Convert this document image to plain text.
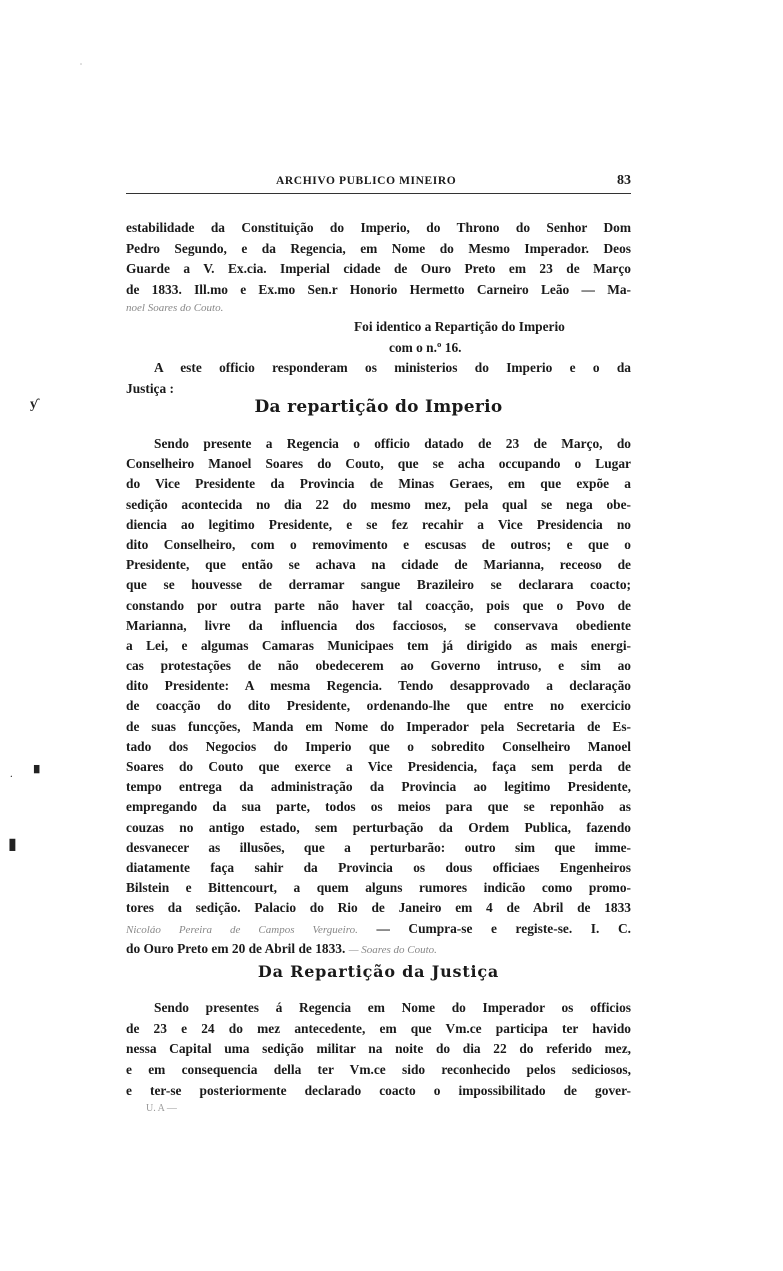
ARCHIVO PUBLICO MINEIRO	83
estabilidade da Constituição do Imperio, do Throno do Senhor Dom
Pedro Segundo, e da Regencia, em Nome do Mesmo Imperador. Deos
Guarde a V. Ex.cia. Imperial cidade de Ouro Preto em 23 de Março
de 1833. Ill.mo e Ex.mo Sen.r Honorio Hermetto Carneiro Leão — Ma-
noel Soares do Couto.
Foi identico a Repartição do Imperio
com o n.º 16.
A este officio responderam os ministerios do Imperio e o da
Justiça :
Da repartição do Imperio
Sendo presente a Regencia o officio datado de 23 de Março, do
Conselheiro Manoel Soares do Couto, que se acha occupando o Lugar
do Vice Presidente da Provincia de Minas Geraes, em que expõe a
sedição acontecida no dia 22 do mesmo mez, pela qual se nega obe-
diencia ao legitimo Presidente, e se fez recahir a Vice Presidencia no
dito Conselheiro, com o removimento e escusas de outros; e que o
Presidente, que então se achava na cidade de Marianna, receoso de
que se houvesse de derramar sangue Brazileiro se declarara coacto;
constando por outra parte não haver tal coacção, pois que o Povo de
Marianna, livre da influencia dos facciosos, se conservava obediente
a Lei, e algumas Camaras Municipaes tem já dirigido as mais energi-
cas protestações de não obedecerem ao Governo intruso, e sim ao
dito Presidente: A mesma Regencia. Tendo desapprovado a declaração
de coacção do dito Presidente, ordenando-lhe que entre no exercicio
de suas funcções, Manda em Nome do Imperador pela Secretaria de Es-
tado dos Negocios do Imperio que o sobredito Conselheiro Manoel
Soares do Couto que exerce a Vice Presidencia, faça sem perda de
tempo entrega da administração da Provincia ao legitimo Presidente,
empregando da sua parte, todos os meios para que se reponhão as
couzas no antigo estado, sem perturbação da Ordem Publica, fazendo
desvanecer as illusões, que a perturbarão: outro sim que imme-
diatamente faça sahir da Provincia os dous officiaes Engenheiros
Bilstein e Bittencourt, a quem alguns rumores indicão como promo-
tores da sedição. Palacio do Rio de Janeiro em 4 de Abril de 1833
Nicoláo Pereira de Campos Vergueiro. — Cumpra-se e registe-se. I. C.
do Ouro Preto em 20 de Abril de 1833. — Soares do Couto.
Da Repartição da Justiça
Sendo presentes á Regencia em Nome do Imperador os officios
de 23 e 24 do mez antecedente, em que Vm.ce participa ter havido
nessa Capital uma sedição militar na noite do dia 22 do referido mez,
e em consequencia della ter Vm.ce sido reconhecido pelos sediciosos,
e ter-se posteriormente declarado coacto o impossibilitado de gover-
U. A —
ƴ
▘
·
▮
·
